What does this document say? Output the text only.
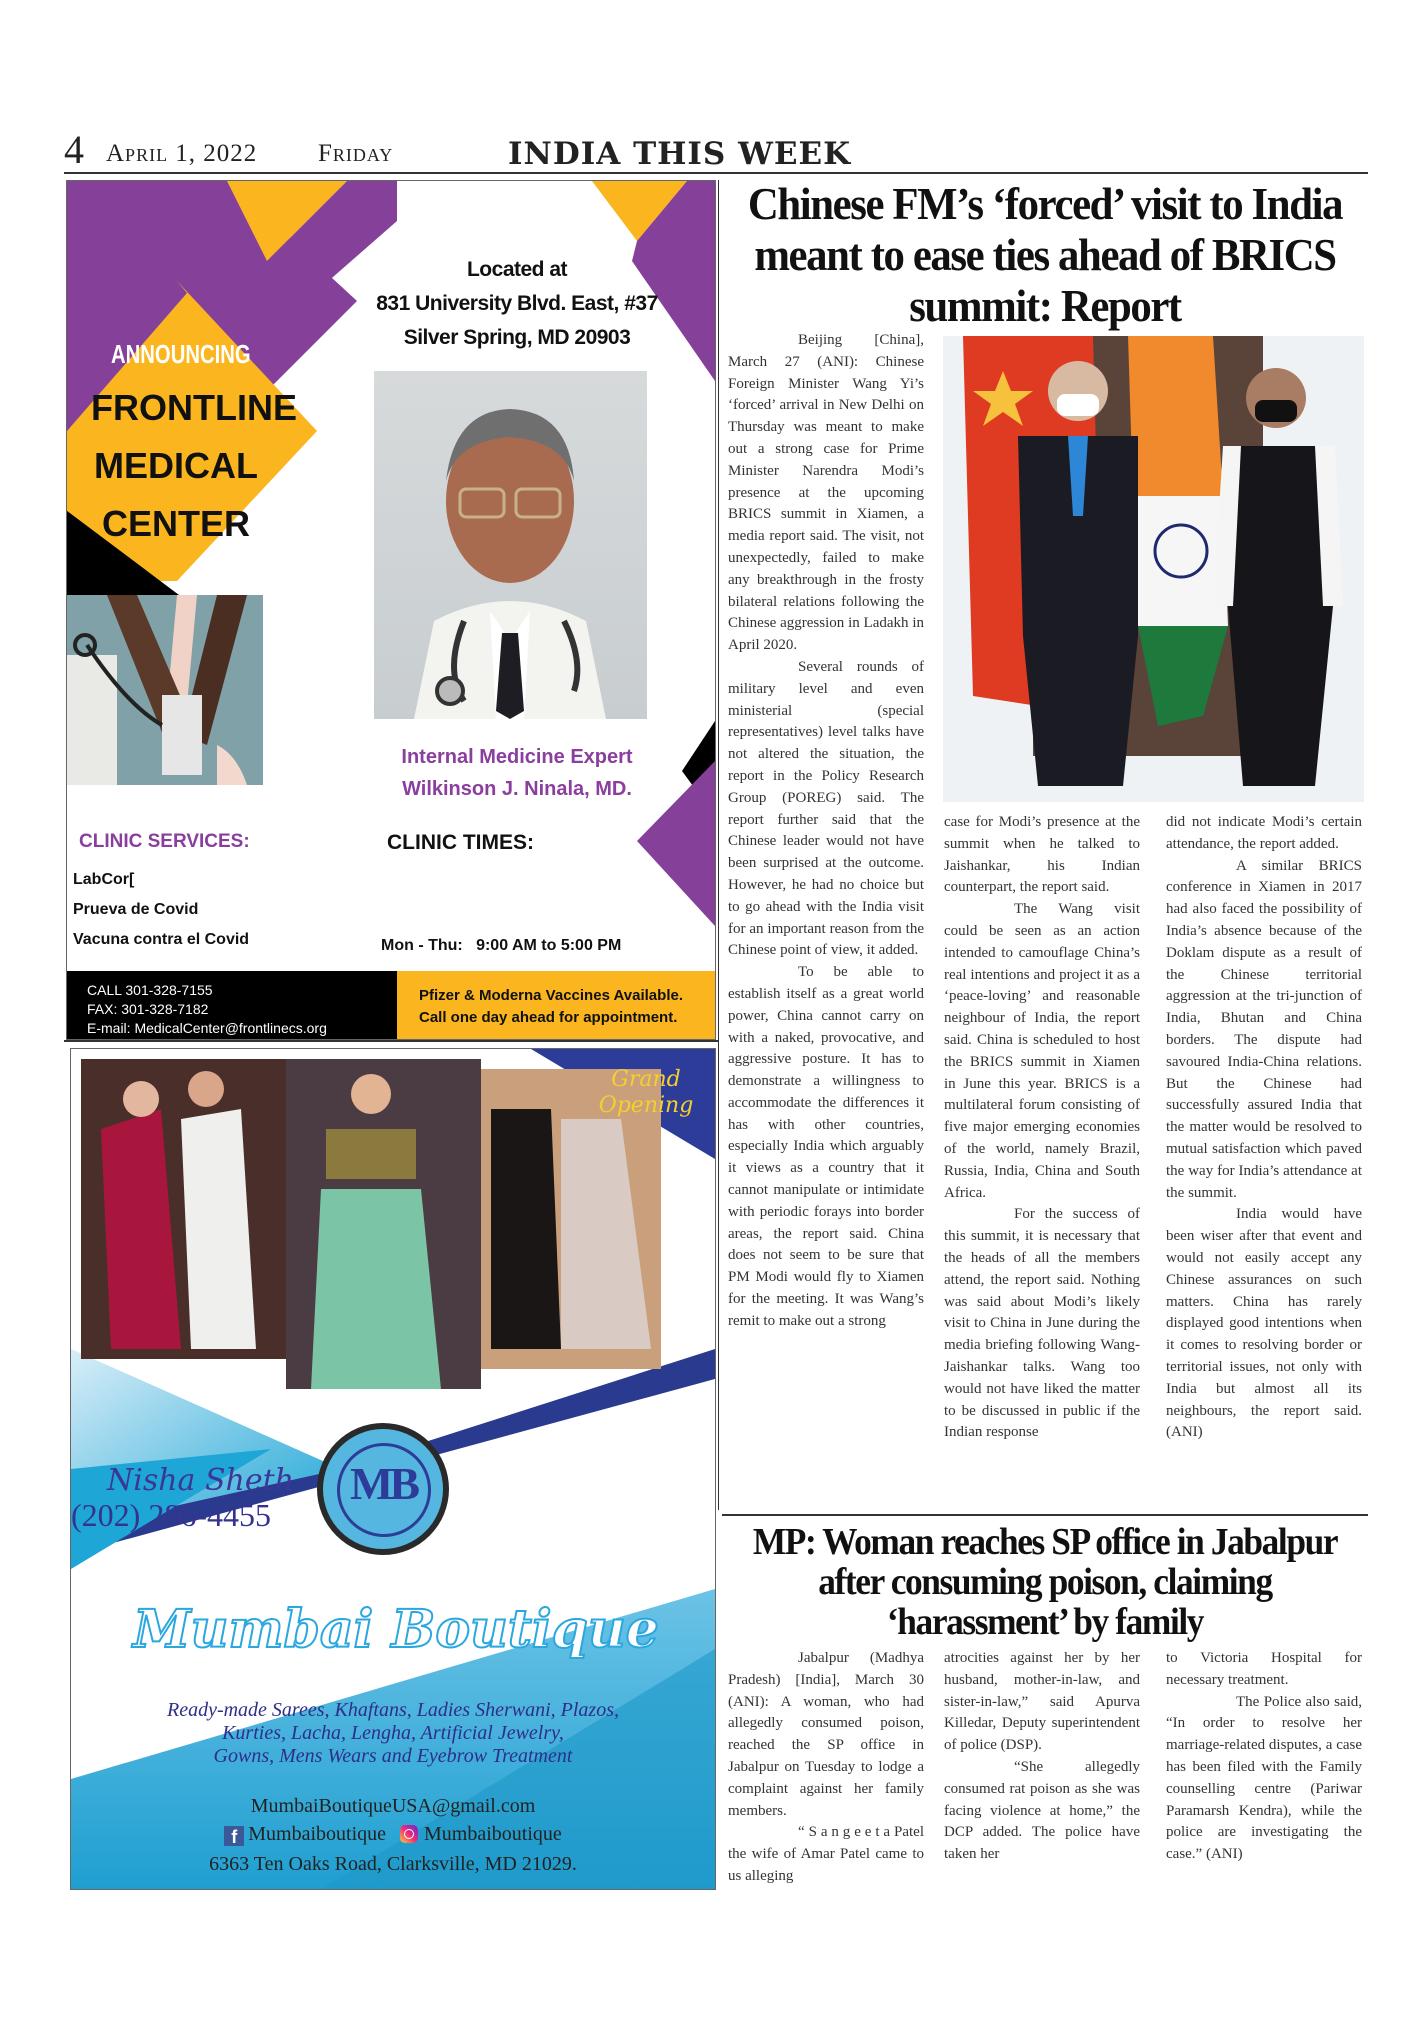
4 April 1, 2022 Friday	INDIA THIS WEEK
Located at
831 University Blvd. East, #37
Silver Spring, MD 20903
ANNOUNCING
FRONTLINE
MEDICAL
CENTER
Internal Medicine Expert
Wilkinson J. Ninala, MD.
CLINIC SERVICES:
LabCor[
Prueva de Covid
Vacuna contra el Covid
CLINIC TIMES:

Mon - Thu:   9:00 AM to 5:00 PM

CALL 301-328-7155
FAX: 301-328-7182
E-mail: MedicalCenter@frontlinecs.org
Pfizer & Moderna Vaccines Available.
Call one day ahead for appointment.
Grand
Opening
Nisha Sheth
(202) 286-4455
MB
Mumbai Boutique
Ready-made Sarees, Khaftans, Ladies Sherwani, Plazos,
Kurties, Lacha, Lengha, Artificial Jewelry,
Gowns, Mens Wears and Eyebrow Treatment
MumbaiBoutiqueUSA@gmail.com
f Mumbaiboutique Mumbaiboutique
6363 Ten Oaks Road, Clarksville, MD 21029.
Chinese FM’s ‘forced’ visit to India meant to ease ties ahead of BRICS summit: Report

Beijing [China], March 27 (ANI): Chinese Foreign Minister Wang Yi’s ‘forced’ arrival in New Delhi on Thursday was meant to make out a strong case for Prime Minister Narendra Modi’s presence at the upcoming BRICS summit in Xiamen, a media report said. The visit, not unexpectedly, failed to make any breakthrough in the frosty bilateral relations following the Chinese aggression in Ladakh in April 2020.

Several rounds of military level and even ministerial (special representatives) level talks have not altered the situation, the report in the Policy Research Group (POREG) said. The report further said that the Chinese leader would not have been surprised at the outcome. However, he had no choice but to go ahead with the India visit for an important reason from the Chinese point of view, it added.

To be able to establish itself as a great world power, China cannot carry on with a naked, provocative, and aggressive posture. It has to demonstrate a willingness to accommodate the differences it has with other countries, especially India which arguably it views as a country that it cannot manipulate or intimidate with periodic forays into border areas, the report said. China does not seem to be sure that PM Modi would fly to Xiamen for the meeting. It was Wang’s remit to make out a strong

case for Modi’s presence at the summit when he talked to Jaishankar, his Indian counterpart, the report said.

The Wang visit could be seen as an action intended to camouflage China’s real intentions and project it as a ‘peace-loving’ and reasonable neighbour of India, the report said. China is scheduled to host the BRICS summit in Xiamen in June this year. BRICS is a multilateral forum consisting of five major emerging economies of the world, namely Brazil, Russia, India, China and South Africa.

For the success of this summit, it is necessary that the heads of all the members attend, the report said. Nothing was said about Modi’s likely visit to China in June during the media briefing following Wang-Jaishankar talks. Wang too would not have liked the matter to be discussed in public if the Indian response

did not indicate Modi’s certain attendance, the report added.

A similar BRICS conference in Xiamen in 2017 had also faced the possibility of India’s absence because of the Doklam dispute as a result of the Chinese territorial aggression at the tri-junction of India, Bhutan and China borders. The dispute had savoured India-China relations. But the Chinese had successfully assured India that the matter would be resolved to mutual satisfaction which paved the way for India’s attendance at the summit.

India would have been wiser after that event and would not easily accept any Chinese assurances on such matters. China has rarely displayed good intentions when it comes to resolving border or territorial issues, not only with India but almost all its neighbours, the report said. (ANI)

MP: Woman reaches SP office in Jabalpur after consuming poison, claiming ‘harassment’ by family

Jabalpur (Madhya Pradesh) [India], March 30 (ANI): A woman, who had allegedly consumed poison, reached the SP office in Jabalpur on Tuesday to lodge a complaint against her family members.

“ S a n g e e t a Patel the wife of Amar Patel came to us alleging

atrocities against her by her husband, mother-in-law, and sister-in-law,” said Apurva Killedar, Deputy superintendent of police (DSP).

“She allegedly consumed rat poison as she was facing violence at home,” the DCP added. The police have taken her

to Victoria Hospital for necessary treatment.

The Police also said, “In order to resolve her marriage-related disputes, a case has been filed with the Family counselling centre (Pariwar Paramarsh Kendra), while the police are investigating the case.” (ANI)
